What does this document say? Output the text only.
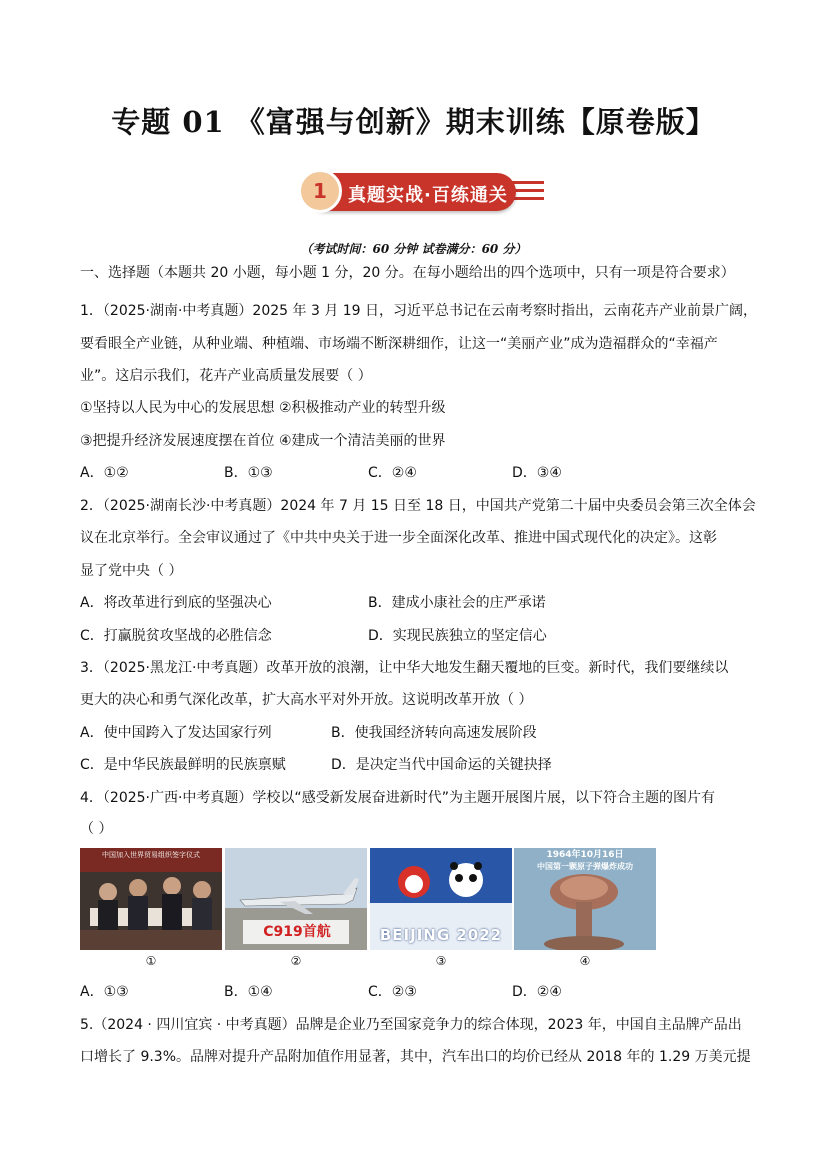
专题 01 《富强与创新》期末训练【原卷版】
1	真题实战·百练通关
（考试时间：60 分钟 试卷满分：60 分）
一、选择题（本题共 20 小题，每小题 1 分，20 分。在每小题给出的四个选项中，只有一项是符合要求）
1．（2025·湖南·中考真题）2025 年 3 月 19 日，习近平总书记在云南考察时指出，云南花卉产业前景广阔，
要看眼全产业链，从种业端、种植端、市场端不断深耕细作，让这一“美丽产业”成为造福群众的“幸福产
业”。这启示我们，花卉产业高质量发展要（ ）
①坚持以人民为中心的发展思想 ②积极推动产业的转型升级
③把提升经济发展速度摆在首位 ④建成一个清洁美丽的世界
A．①②	B．①③	C．②④	D．③④
2．（2025·湖南长沙·中考真题）2024 年 7 月 15 日至 18 日，中国共产党第二十届中央委员会第三次全体会
议在北京举行。全会审议通过了《中共中央关于进一步全面深化改革、推进中国式现代化的决定》。这彰
显了党中央（ ）
A．将改革进行到底的坚强决心	B．建成小康社会的庄严承诺
C．打赢脱贫攻坚战的必胜信念	D．实现民族独立的坚定信心
3．（2025·黑龙江·中考真题）改革开放的浪潮，让中华大地发生翻天覆地的巨变。新时代，我们要继续以
更大的决心和勇气深化改革，扩大高水平对外开放。这说明改革开放（ ）
A．使中国跨入了发达国家行列	B．使我国经济转向高速发展阶段
C．是中华民族最鲜明的民族禀赋	D．是决定当代中国命运的关键抉择
4．（2025·广西·中考真题）学校以“感受新发展奋进新时代”为主题开展图片展，以下符合主题的图片有
（ ）
中国加入世界贸易组织签字仪式
C919首航	BEIJING 2022
1964年10月16日
中国第一颗原子弹爆炸成功
①	②	③	④
A．①③	B．①④	C．②③	D．②④
5.（2024 · 四川宜宾 · 中考真题）品牌是企业乃至国家竞争力的综合体现，2023 年，中国自主品牌产品出
口增长了 9.3%。品牌对提升产品附加值作用显著，其中，汽车出口的均价已经从 2018 年的 1.29 万美元提
